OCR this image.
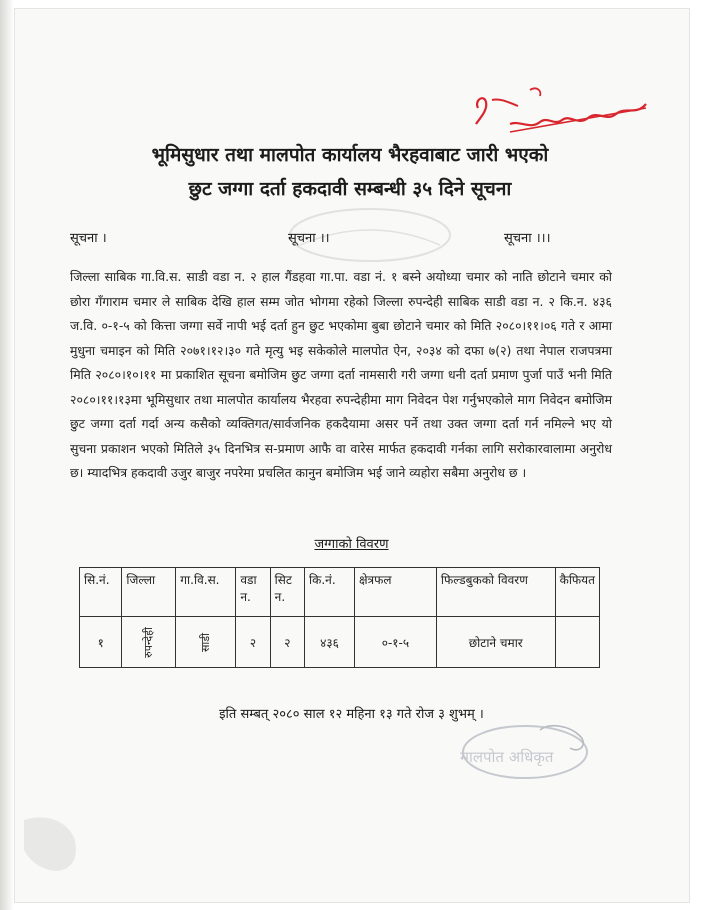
भूमिसुधार तथा मालपोत कार्यालय भैरहवाबाट जारी भएको
छुट जग्गा दर्ता हकदावी सम्बन्धी ३५ दिने सूचना
सूचना ।	सूचना ।।	सूचना ।।।
जिल्ला साबिक गा.वि.स. साडी वडा न. २ हाल गैंडहवा गा.पा. वडा नं. १ बस्ने अयोध्या चमार को नाति छोटाने चमार को छोरा गँगाराम चमार ले साबिक देखि हाल सम्म जोत भोगमा रहेको जिल्ला रुपन्देही साबिक साडी वडा न. २ कि.न. ४३६ ज.वि. ०-१-५ को कित्ता जग्गा सर्वे नापी भई दर्ता हुन छुट भएकोमा बुबा छोटाने चमार को मिति २०८०।११।०६ गते र आमा मुधुना चमाइन को मिति २०७१।१२।३० गते मृत्यु भइ सकेकोले मालपोत ऐन, २०३४ को दफा ७(२) तथा नेपाल राजपत्रमा मिति २०८०।१०।११ मा प्रकाशित सूचना बमोजिम छुट जग्गा दर्ता नामसारी गरी जग्गा धनी दर्ता प्रमाण पुर्जा पाउँ भनी मिति २०८०।११।१३मा भूमिसुधार तथा मालपोत कार्यालय भैरहवा रुपन्देहीमा माग निवेदन पेश गर्नुभएकोले माग निवेदन बमोजिम छुट जग्गा दर्ता गर्दा अन्य कसैको व्यक्तिगत/सार्वजनिक हकदैयामा असर पर्ने तथा उक्त जग्गा दर्ता गर्न नमिल्ने भए यो सुचना प्रकाशन भएको मितिले ३५ दिनभित्र स-प्रमाण आफै वा वारेस मार्फत हकदावी गर्नका लागि सरोकारवालामा अनुरोध छ। म्यादभित्र हकदावी उजुर बाजुर नपरेमा प्रचलित कानुन बमोजिम भई जाने व्यहोरा सबैमा अनुरोध छ ।
जग्गाको विवरण
सि.नं.	जिल्ला	गा.वि.स.	वडा न.	सिट न.	कि.नं.	क्षेत्रफल	फिल्डबुकको विवरण	कैफियत
१	रुपन्देही	साडी	२	२	४३६	०-१-५	छोटाने चमार	
इति सम्बत् २०८० साल १२ महिना १३ गते रोज ३ शुभम् ।
मालपोत अधिकृत
